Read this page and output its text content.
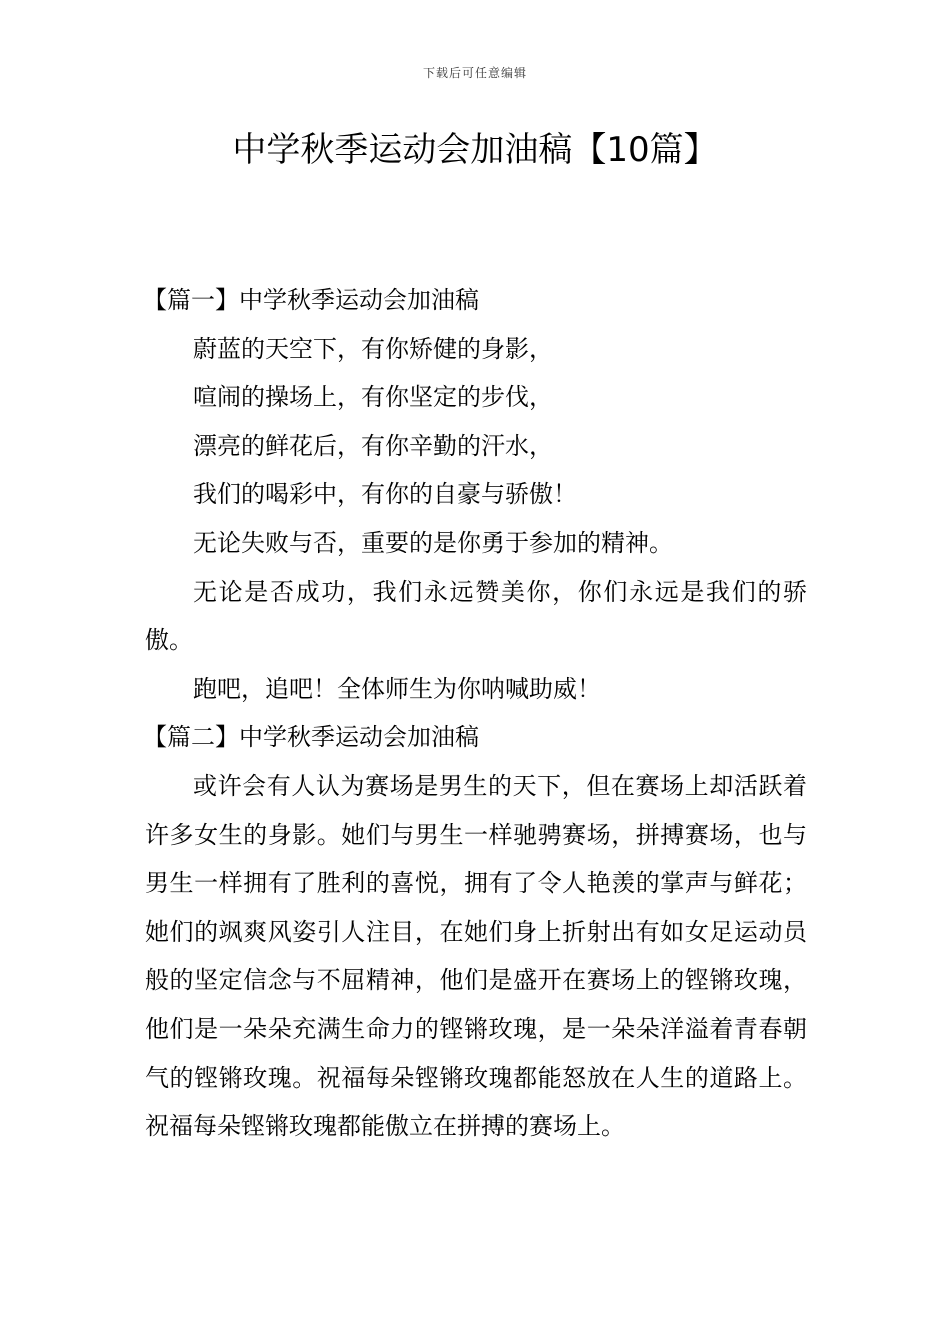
下载后可任意编辑
中学秋季运动会加油稿【10篇】

【篇一】中学秋季运动会加油稿

蔚蓝的天空下，有你矫健的身影，

喧闹的操场上，有你坚定的步伐，

漂亮的鲜花后，有你辛勤的汗水，

我们的喝彩中，有你的自豪与骄傲！

无论失败与否，重要的是你勇于参加的精神。

无论是否成功，我们永远赞美你，你们永远是我们的骄傲。

跑吧，追吧！全体师生为你呐喊助威！

【篇二】中学秋季运动会加油稿

或许会有人认为赛场是男生的天下，但在赛场上却活跃着许多女生的身影。她们与男生一样驰骋赛场，拼搏赛场，也与男生一样拥有了胜利的喜悦，拥有了令人艳羡的掌声与鲜花；她们的飒爽风姿引人注目，在她们身上折射出有如女足运动员般的坚定信念与不屈精神，他们是盛开在赛场上的铿锵玫瑰，他们是一朵朵充满生命力的铿锵玫瑰，是一朵朵洋溢着青春朝气的铿锵玫瑰。祝福每朵铿锵玫瑰都能怒放在人生的道路上。祝福每朵铿锵玫瑰都能傲立在拼搏的赛场上。
